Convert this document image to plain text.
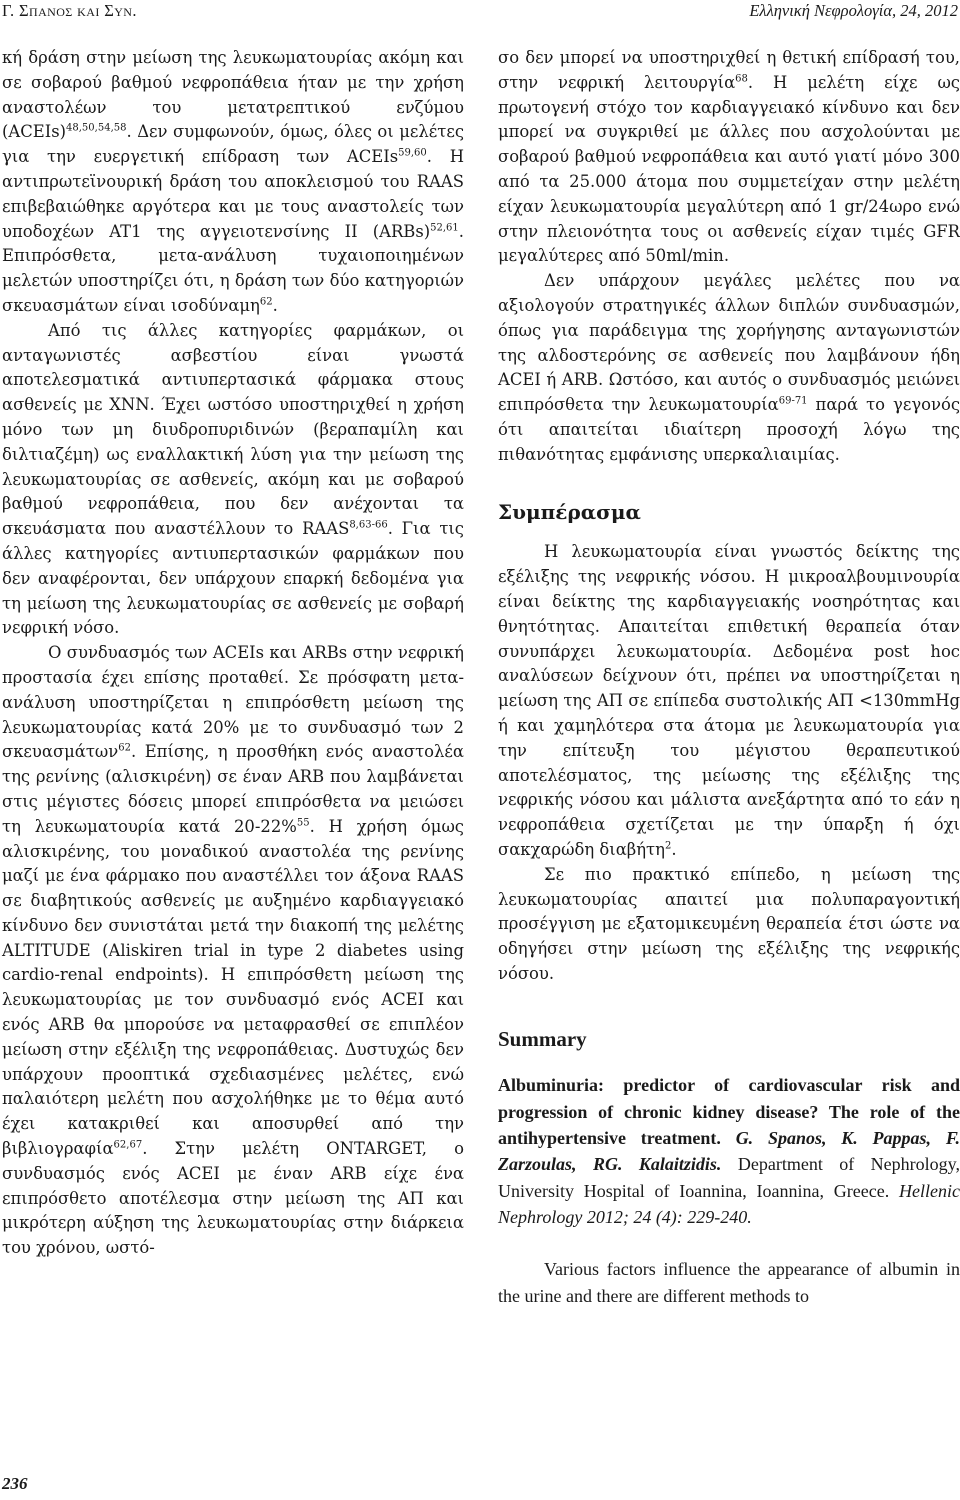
Γ. Σπανος και Συν.	Ελληνική Νεφρολογία, 24, 2012

κή δράση στην μείωση της λευκωματουρίας ακόμη και σε σοβαρού βαθμού νεφροπάθεια ήταν με την χρήση αναστολέων του μετατρεπτικού ενζύμου (ACEIs)$^{48,50,54,58}$. Δεν συμφωνούν, όμως, όλες οι μελέτες για την ευεργετική επίδραση των ACEIs$^{59,60}$. Η αντιπρωτεϊνουρική δράση του αποκλεισμού του RAAS επιβεβαιώθηκε αργότερα και με τους αναστολείς των υποδοχέων AT1 της αγγειοτενσίνης II (ARBs)$^{52,61}$. Επιπρόσθετα, μετα-ανάλυση τυχαιοποιημένων μελετών υποστηρίζει ότι, η δράση των δύο κατηγοριών σκευασμάτων είναι ισοδύναμη$^{62}$.

Από τις άλλες κατηγορίες φαρμάκων, οι ανταγωνιστές ασβεστίου είναι γνωστά αποτελεσματικά αντιυπερτασικά φάρμακα στους ασθενείς με ΧΝΝ. Έχει ωστόσο υποστηριχθεί η χρήση μόνο των μη διυδροπυριδινών (βεραπαμίλη και διλτιαζέμη) ως εναλλακτική λύση για την μείωση της λευκωματουρίας σε ασθενείς, ακόμη και με σοβαρού βαθμού νεφροπάθεια, που δεν ανέχονται τα σκευάσματα που αναστέλλουν το RAAS$^{8,63-66}$. Για τις άλλες κατηγορίες αντιυπερτασικών φαρμάκων που δεν αναφέρονται, δεν υπάρχουν επαρκή δεδομένα για τη μείωση της λευκωματουρίας σε ασθενείς με σοβαρή νεφρική νόσο.

Ο συνδυασμός των ACEIs και ARBs στην νεφρική προστασία έχει επίσης προταθεί. Σε πρόσφατη μετα-ανάλυση υποστηρίζεται η επιπρόσθετη μείωση της λευκωματουρίας κατά 20% με το συνδυασμό των 2 σκευασμάτων$^{62}$. Επίσης, η προσθήκη ενός αναστολέα της ρενίνης (αλισκιρένη) σε έναν ARB που λαμβάνεται στις μέγιστες δόσεις μπορεί επιπρόσθετα να μειώσει τη λευκωματουρία κατά 20-22%$^{55}$. Η χρήση όμως αλισκιρένης, του μοναδικού αναστολέα της ρενίνης μαζί με ένα φάρμακο που αναστέλλει τον άξονα RAAS σε διαβητικούς ασθενείς με αυξημένο καρδιαγγειακό κίνδυνο δεν συνιστάται μετά την διακοπή της μελέτης ALTITUDE (Aliskiren trial in type 2 diabetes using cardio-renal endpoints). Η επιπρόσθετη μείωση της λευκωματουρίας με τον συνδυασμό ενός ACEI και ενός ARB θα μπορούσε να μεταφρασθεί σε επιπλέον μείωση στην εξέλιξη της νεφροπάθειας. Δυστυχώς δεν υπάρχουν προοπτικά σχεδιασμένες μελέτες, ενώ παλαιότερη μελέτη που ασχολήθηκε με το θέμα αυτό έχει κατακριθεί και αποσυρθεί από την βιβλιογραφία$^{62,67}$. Στην μελέτη ONTARGET, ο συνδυασμός ενός ACEI με έναν ARB είχε ένα επιπρόσθετο αποτέλεσμα στην μείωση της ΑΠ και μικρότερη αύξηση της λευκωματουρίας στην διάρκεια του χρόνου, ωστό-

σο δεν μπορεί να υποστηριχθεί η θετική επίδρασή του, στην νεφρική λειτουργία$^{68}$. Η μελέτη είχε ως πρωτογενή στόχο τον καρδιαγγειακό κίνδυνο και δεν μπορεί να συγκριθεί με άλλες που ασχολούνται με σοβαρού βαθμού νεφροπάθεια και αυτό γιατί μόνο 300 από τα 25.000 άτομα που συμμετείχαν στην μελέτη είχαν λευκωματουρία μεγαλύτερη από 1 gr/24ωρο ενώ στην πλειονότητα τους οι ασθενείς είχαν τιμές GFR μεγαλύτερες από 50ml/min.

Δεν υπάρχουν μεγάλες μελέτες που να αξιολογούν στρατηγικές άλλων διπλών συνδυασμών, όπως για παράδειγμα της χορήγησης ανταγωνιστών της αλδοστερόνης σε ασθενείς που λαμβάνουν ήδη ACEI ή ARB. Ωστόσο, και αυτός ο συνδυασμός μειώνει επιπρόσθετα την λευκωματουρία$^{69-71}$ παρά το γεγονός ότι απαιτείται ιδιαίτερη προσοχή λόγω της πιθανότητας εμφάνισης υπερκαλιαιμίας.

Συμπέρασμα

Η λευκωματουρία είναι γνωστός δείκτης της εξέλιξης της νεφρικής νόσου. Η μικροαλβουμινουρία είναι δείκτης της καρδιαγγειακής νοσηρότητας και θνητότητας. Απαιτείται επιθετική θεραπεία όταν συνυπάρχει λευκωματουρία. Δεδομένα post hoc αναλύσεων δείχνουν ότι, πρέπει να υποστηρίζεται η μείωση της ΑΠ σε επίπεδα συστολικής ΑΠ <130mmHg ή και χαμηλότερα στα άτομα με λευκωματουρία για την επίτευξη του μέγιστου θεραπευτικού αποτελέσματος, της μείωσης της εξέλιξης της νεφρικής νόσου και μάλιστα ανεξάρτητα από το εάν η νεφροπάθεια σχετίζεται με την ύπαρξη ή όχι σακχαρώδη διαβήτη$^2$.

Σε πιο πρακτικό επίπεδο, η μείωση της λευκωματουρίας απαιτεί μια πολυπαραγοντική προσέγγιση με εξατομικευμένη θεραπεία έτσι ώστε να οδηγήσει στην μείωση της εξέλιξης της νεφρικής νόσου.

Summary

Albuminuria: predictor of cardiovascular risk and progression of chronic kidney disease? The role of the antihypertensive treatment. G. Spanos, K. Pappas, F. Zarzoulas, RG. Kalaitzidis. Department of Nephrology, University Hospital of Ioannina, Ioannina, Greece. Hellenic Nephrology 2012; 24 (4): 229-240.

Various factors influence the appearance of albumin in the urine and there are different methods to

236
